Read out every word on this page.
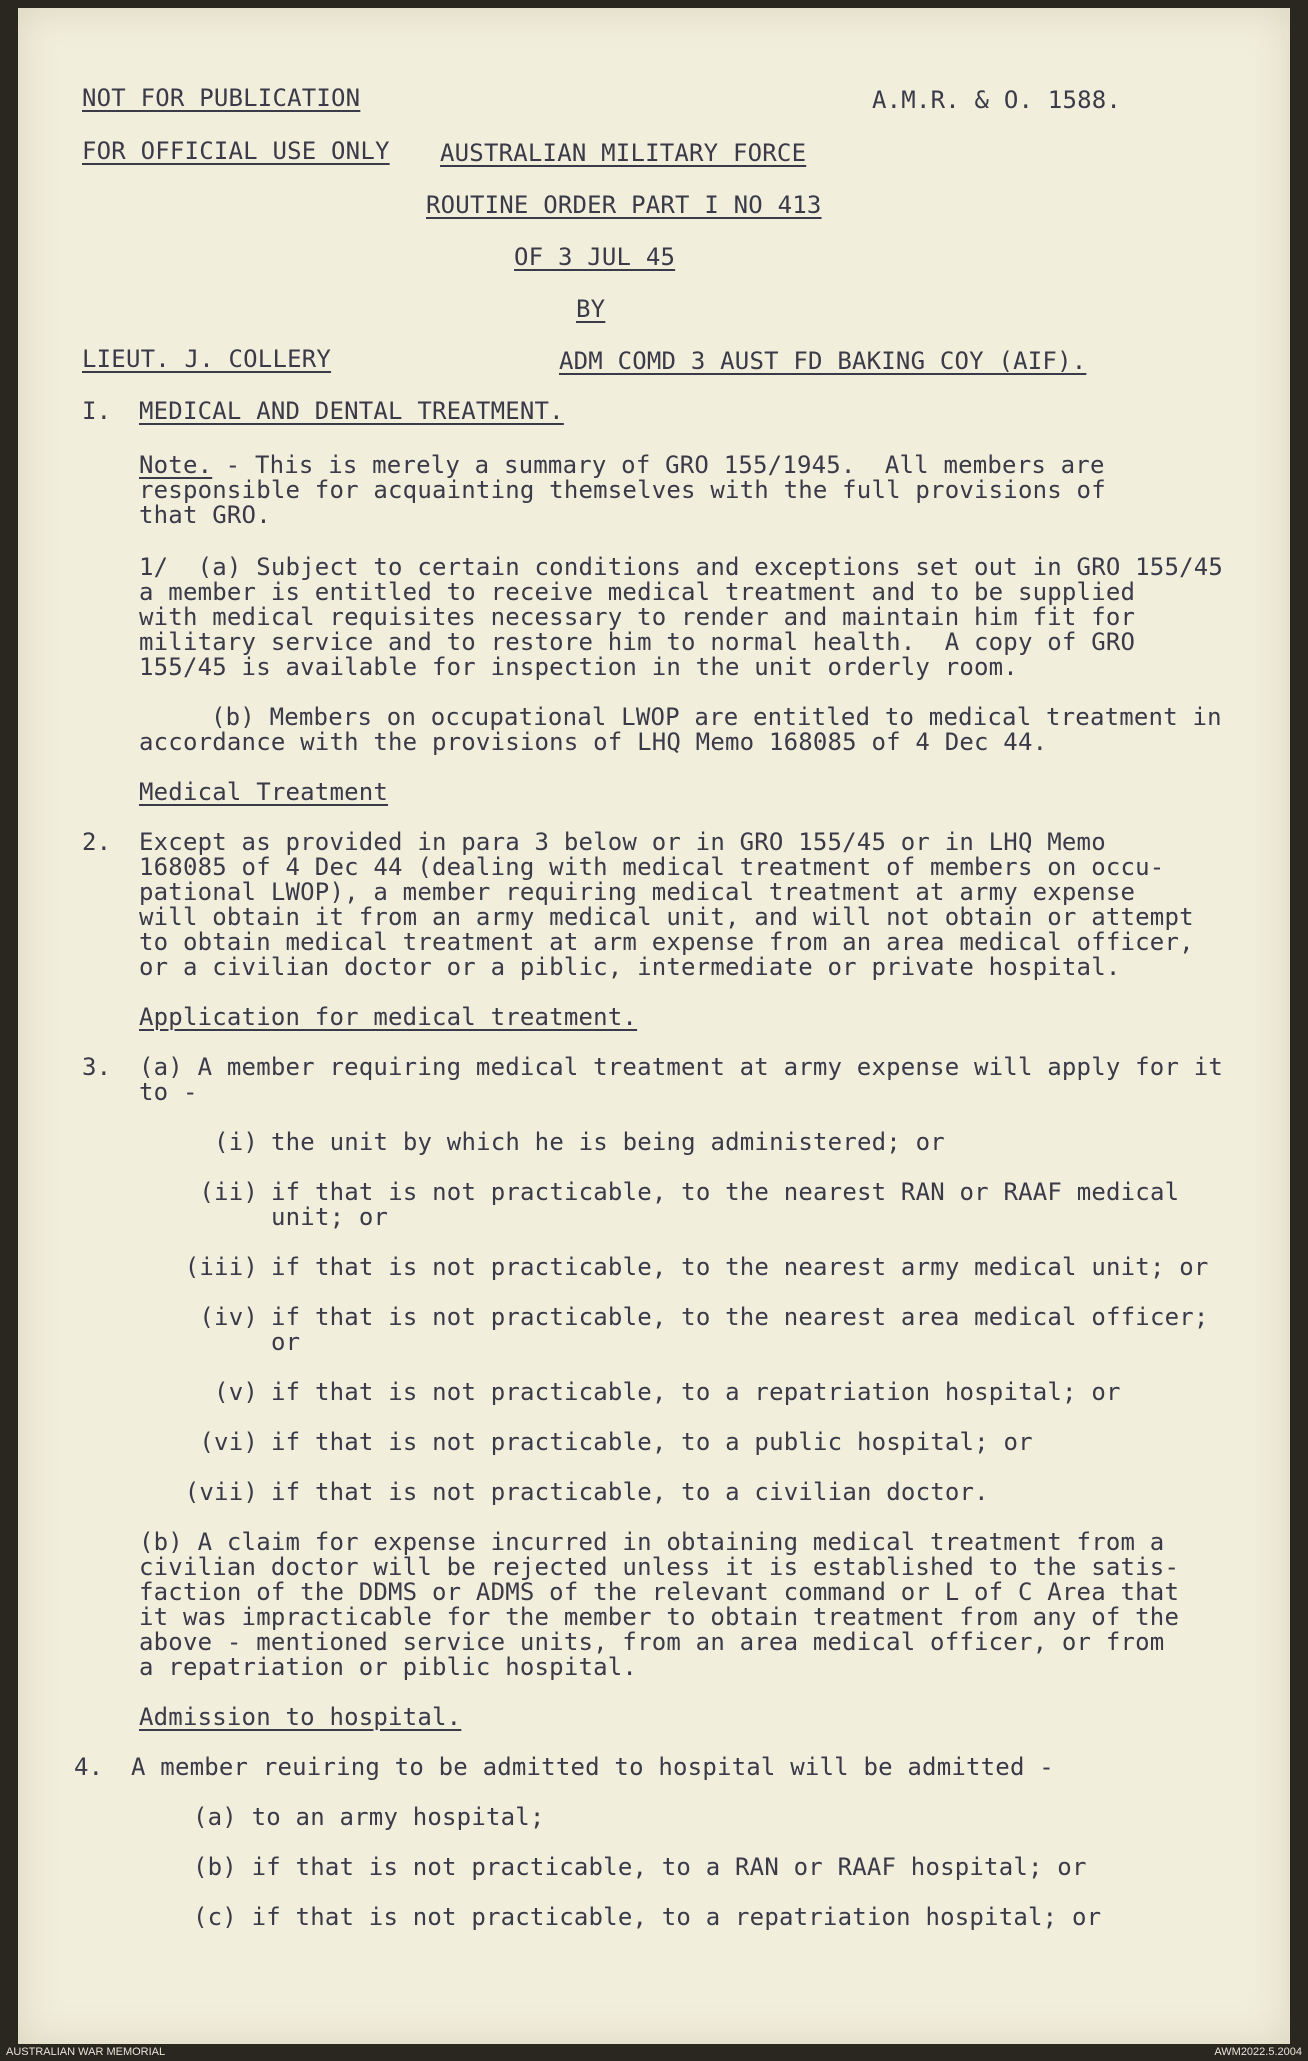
NOT FOR PUBLICATION	A.M.R. & O. 1588.
FOR OFFICIAL USE ONLY AUSTRALIAN MILITARY FORCE
ROUTINE ORDER PART I NO 413
OF 3 JUL 45
BY
LIEUT. J. COLLERY	ADM COMD 3 AUST FD BAKING COY (AIF).
I. MEDICAL AND DENTAL TREATMENT.
Note.
- This is merely a summary of GRO 155/1945.  All members are
responsible for acquainting themselves with the full provisions of
that GRO.
1/  (a) Subject to certain conditions and exceptions set out in GRO 155/45
a member is entitled to receive medical treatment and to be supplied
with medical requisites necessary to render and maintain him fit for
military service and to restore him to normal health.  A copy of GRO
155/45 is available for inspection in the unit orderly room.
(b) Members on occupational LWOP are entitled to medical treatment in
accordance with the provisions of LHQ Memo 168085 of 4 Dec 44.
Medical Treatment
2. Except as provided in para 3 below or in GRO 155/45 or in LHQ Memo
168085 of 4 Dec 44 (dealing with medical treatment of members on occu-
pational LWOP), a member requiring medical treatment at army expense
will obtain it from an army medical unit, and will not obtain or attempt
to obtain medical treatment at arm expense from an area medical officer,
or a civilian doctor or a piblic, intermediate or private hospital.
Application for medical treatment.
3. (a) A member requiring medical treatment at army expense will apply for it
to -
(i) the unit by which he is being administered; or
(ii) if that is not practicable, to the nearest RAN or RAAF medical
unit; or
(iii) if that is not practicable, to the nearest army medical unit; or
(iv) if that is not practicable, to the nearest area medical officer;
or
(v) if that is not practicable, to a repatriation hospital; or
(vi) if that is not practicable, to a public hospital; or
(vii) if that is not practicable, to a civilian doctor.
(b) A claim for expense incurred in obtaining medical treatment from a
civilian doctor will be rejected unless it is established to the satis-
faction of the DDMS or ADMS of the relevant command or L of C Area that
it was impracticable for the member to obtain treatment from any of the
above - mentioned service units, from an area medical officer, or from
a repatriation or piblic hospital.
Admission to hospital.
4. A member reuiring to be admitted to hospital will be admitted -
(a) to an army hospital;
(b) if that is not practicable, to a RAN or RAAF hospital; or
(c) if that is not practicable, to a repatriation hospital; or
AUSTRALIAN WAR MEMORIAL	AWM2022.5.2004
